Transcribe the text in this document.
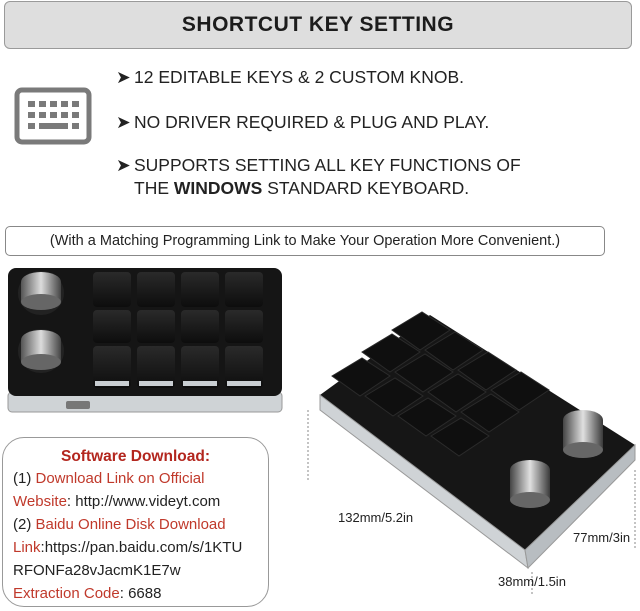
SHORTCUT KEY SETTING
➤ 12 EDITABLE KEYS & 2 CUSTOM KNOB.
➤ NO DRIVER REQUIRED & PLUG AND PLAY.
➤ SUPPORTS SETTING ALL KEY FUNCTIONS OF
THE WINDOWS STANDARD KEYBOARD.
(With a Matching Programming Link to Make Your Operation More Convenient.)
132mm/5.2in
77mm/3in
38mm/1.5in
Software Download:
(1) Download Link on Official
Website: http://www.videyt.com
(2) Baidu Online Disk Download
Link:https://pan.baidu.com/s/1KTU
RFONFa28vJacmK1E7w
Extraction Code: 6688
